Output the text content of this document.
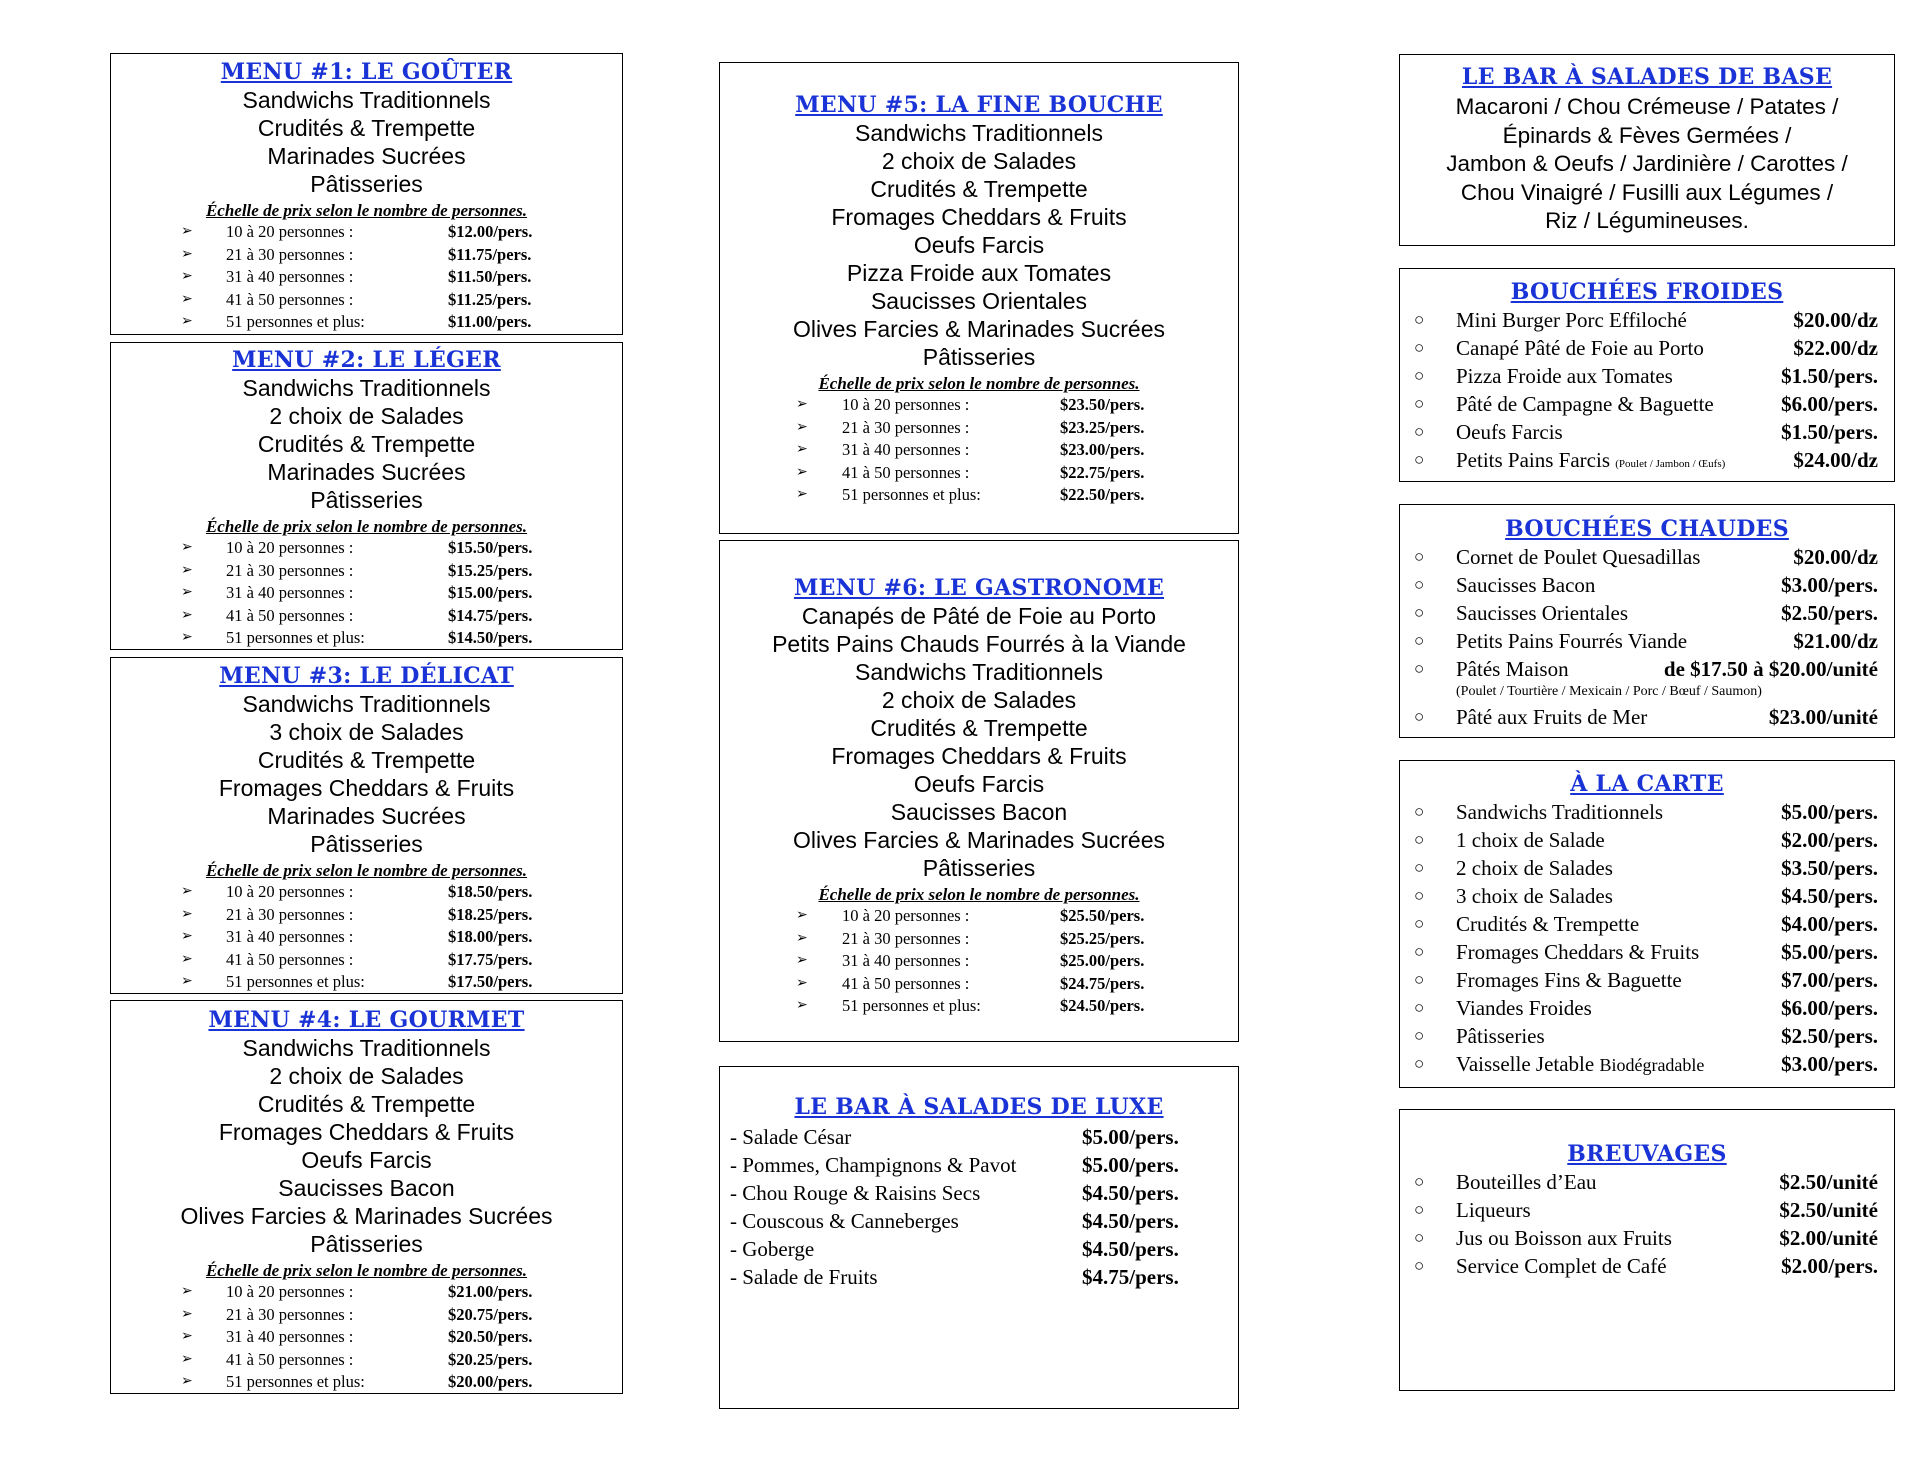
MENU #1: LE GOÛTER
Sandwichs Traditionnels
Crudités & Trempette
Marinades Sucrées
Pâtisseries
Échelle de prix selon le nombre de personnes.
➢ 10 à 20 personnes :	$12.00/pers.
➢ 21 à 30 personnes :	$11.75/pers.
➢ 31 à 40 personnes :	$11.50/pers.
➢ 41 à 50 personnes :	$11.25/pers.
➢ 51 personnes et plus:	$11.00/pers.
MENU #2: LE LÉGER
Sandwichs Traditionnels
2 choix de Salades
Crudités & Trempette
Marinades Sucrées
Pâtisseries
Échelle de prix selon le nombre de personnes.
➢ 10 à 20 personnes :	$15.50/pers.
➢ 21 à 30 personnes :	$15.25/pers.
➢ 31 à 40 personnes :	$15.00/pers.
➢ 41 à 50 personnes :	$14.75/pers.
➢ 51 personnes et plus:	$14.50/pers.
MENU #3: LE DÉLICAT
Sandwichs Traditionnels
3 choix de Salades
Crudités & Trempette
Fromages Cheddars & Fruits
Marinades Sucrées
Pâtisseries
Échelle de prix selon le nombre de personnes.
➢ 10 à 20 personnes :	$18.50/pers.
➢ 21 à 30 personnes :	$18.25/pers.
➢ 31 à 40 personnes :	$18.00/pers.
➢ 41 à 50 personnes :	$17.75/pers.
➢ 51 personnes et plus:	$17.50/pers.
MENU #4: LE GOURMET
Sandwichs Traditionnels
2 choix de Salades
Crudités & Trempette
Fromages Cheddars & Fruits
Oeufs Farcis
Saucisses Bacon
Olives Farcies & Marinades Sucrées
Pâtisseries
Échelle de prix selon le nombre de personnes.
➢ 10 à 20 personnes :	$21.00/pers.
➢ 21 à 30 personnes :	$20.75/pers.
➢ 31 à 40 personnes :	$20.50/pers.
➢ 41 à 50 personnes :	$20.25/pers.
➢ 51 personnes et plus:	$20.00/pers.
MENU #5: LA FINE BOUCHE
Sandwichs Traditionnels
2 choix de Salades
Crudités & Trempette
Fromages Cheddars & Fruits
Oeufs Farcis
Pizza Froide aux Tomates
Saucisses Orientales
Olives Farcies & Marinades Sucrées
Pâtisseries
Échelle de prix selon le nombre de personnes.
➢ 10 à 20 personnes :	$23.50/pers.
➢ 21 à 30 personnes :	$23.25/pers.
➢ 31 à 40 personnes :	$23.00/pers.
➢ 41 à 50 personnes :	$22.75/pers.
➢ 51 personnes et plus:	$22.50/pers.
MENU #6: LE GASTRONOME
Canapés de Pâté de Foie au Porto
Petits Pains Chauds Fourrés à la Viande
Sandwichs Traditionnels
2 choix de Salades
Crudités & Trempette
Fromages Cheddars & Fruits
Oeufs Farcis
Saucisses Bacon
Olives Farcies & Marinades Sucrées
Pâtisseries
Échelle de prix selon le nombre de personnes.
➢ 10 à 20 personnes :	$25.50/pers.
➢ 21 à 30 personnes :	$25.25/pers.
➢ 31 à 40 personnes :	$25.00/pers.
➢ 41 à 50 personnes :	$24.75/pers.
➢ 51 personnes et plus:	$24.50/pers.
LE BAR À SALADES DE LUXE
- Salade César	$5.00/pers.
- Pommes, Champignons & Pavot	$5.00/pers.
- Chou Rouge & Raisins Secs	$4.50/pers.
- Couscous & Canneberges	$4.50/pers.
- Goberge	$4.50/pers.
- Salade de Fruits	$4.75/pers.
LE BAR À SALADES DE BASE
Macaroni / Chou Crémeuse / Patates /
Épinards & Fèves Germées /
Jambon & Oeufs / Jardinière / Carottes /
Chou Vinaigré / Fusilli aux Légumes /
Riz / Légumineuses.
BOUCHÉES FROIDES
○ Mini Burger Porc Effiloché	$20.00/dz
○ Canapé Pâté de Foie au Porto	$22.00/dz
○ Pizza Froide aux Tomates	$1.50/pers.
○ Pâté de Campagne & Baguette	$6.00/pers.
○ Oeufs Farcis	$1.50/pers.
○ Petits Pains Farcis (Poulet / Jambon / Œufs)	$24.00/dz
BOUCHÉES CHAUDES
○ Cornet de Poulet Quesadillas	$20.00/dz
○ Saucisses Bacon	$3.00/pers.
○ Saucisses Orientales	$2.50/pers.
○ Petits Pains Fourrés Viande	$21.00/dz
○ Pâtés Maison	de $17.50 à $20.00/unité
(Poulet / Tourtière / Mexicain / Porc / Bœuf / Saumon)
○ Pâté aux Fruits de Mer	$23.00/unité
À LA CARTE
○ Sandwichs Traditionnels	$5.00/pers.
○ 1 choix de Salade	$2.00/pers.
○ 2 choix de Salades	$3.50/pers.
○ 3 choix de Salades	$4.50/pers.
○ Crudités & Trempette	$4.00/pers.
○ Fromages Cheddars & Fruits	$5.00/pers.
○ Fromages Fins & Baguette	$7.00/pers.
○ Viandes Froides	$6.00/pers.
○ Pâtisseries	$2.50/pers.
○ Vaisselle Jetable Biodégradable	$3.00/pers.
BREUVAGES
○ Bouteilles d’Eau	$2.50/unité
○ Liqueurs	$2.50/unité
○ Jus ou Boisson aux Fruits	$2.00/unité
○ Service Complet de Café	$2.00/pers.
